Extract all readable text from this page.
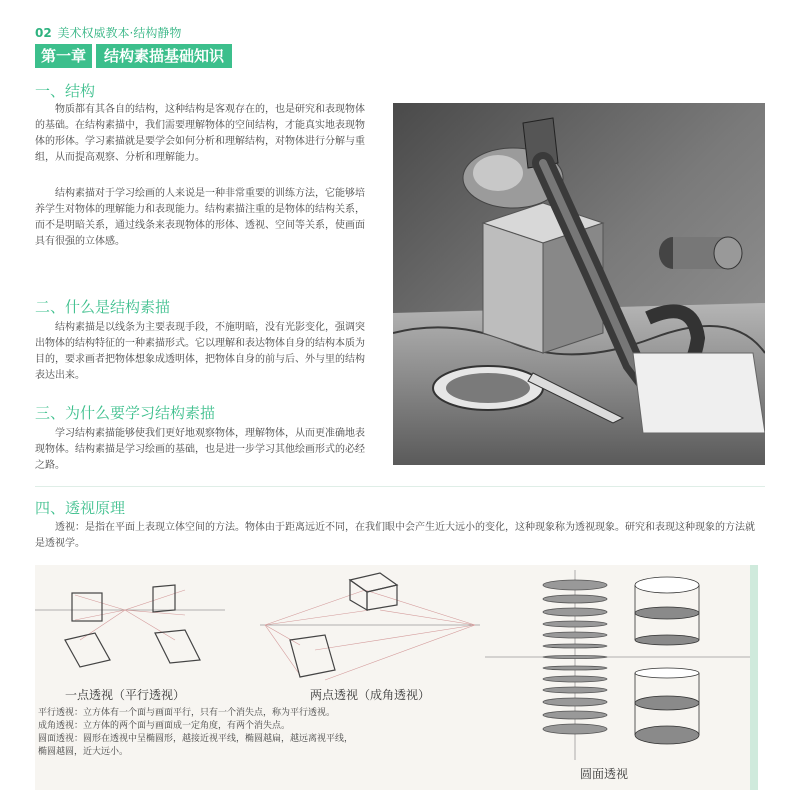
02 美术权威教本·结构静物
第一章	结构素描基础知识
一、结构

物质都有其各自的结构，这种结构是客观存在的，也是研究和表现物体的基础。在结构素描中，我们需要理解物体的空间结构，才能真实地表现物体的形体。学习素描就是要学会如何分析和理解结构，对物体进行分解与重组，从而提高观察、分析和理解能力。

结构素描对于学习绘画的人来说是一种非常重要的训练方法，它能够培养学生对物体的理解能力和表现能力。结构素描注重的是物体的结构关系，而不是明暗关系，通过线条来表现物体的形体、透视、空间等关系，使画面具有很强的立体感。

二、什么是结构素描

结构素描是以线条为主要表现手段，不施明暗，没有光影变化，强调突出物体的结构特征的一种素描形式。它以理解和表达物体自身的结构本质为目的，要求画者把物体想象成透明体，把物体自身的前与后、外与里的结构表达出来。

三、为什么要学习结构素描

学习结构素描能够使我们更好地观察物体，理解物体，从而更准确地表现物体。结构素描是学习绘画的基础，也是进一步学习其他绘画形式的必经之路。

四、透视原理

透视：是指在平面上表现立体空间的方法。物体由于距离远近不同，在我们眼中会产生近大远小的变化，这种现象称为透视现象。研究和表现这种现象的方法就是透视学。

一点透视（平行透视）	两点透视（成角透视）
圆面透视

平行透视：立方体有一个面与画面平行，只有一个消失点，称为平行透视。

成角透视：立方体的两个面与画面成一定角度，有两个消失点。

圆面透视：圆形在透视中呈椭圆形，越接近视平线，椭圆越扁，越远离视平线，

椭圆越圆，近大远小。
